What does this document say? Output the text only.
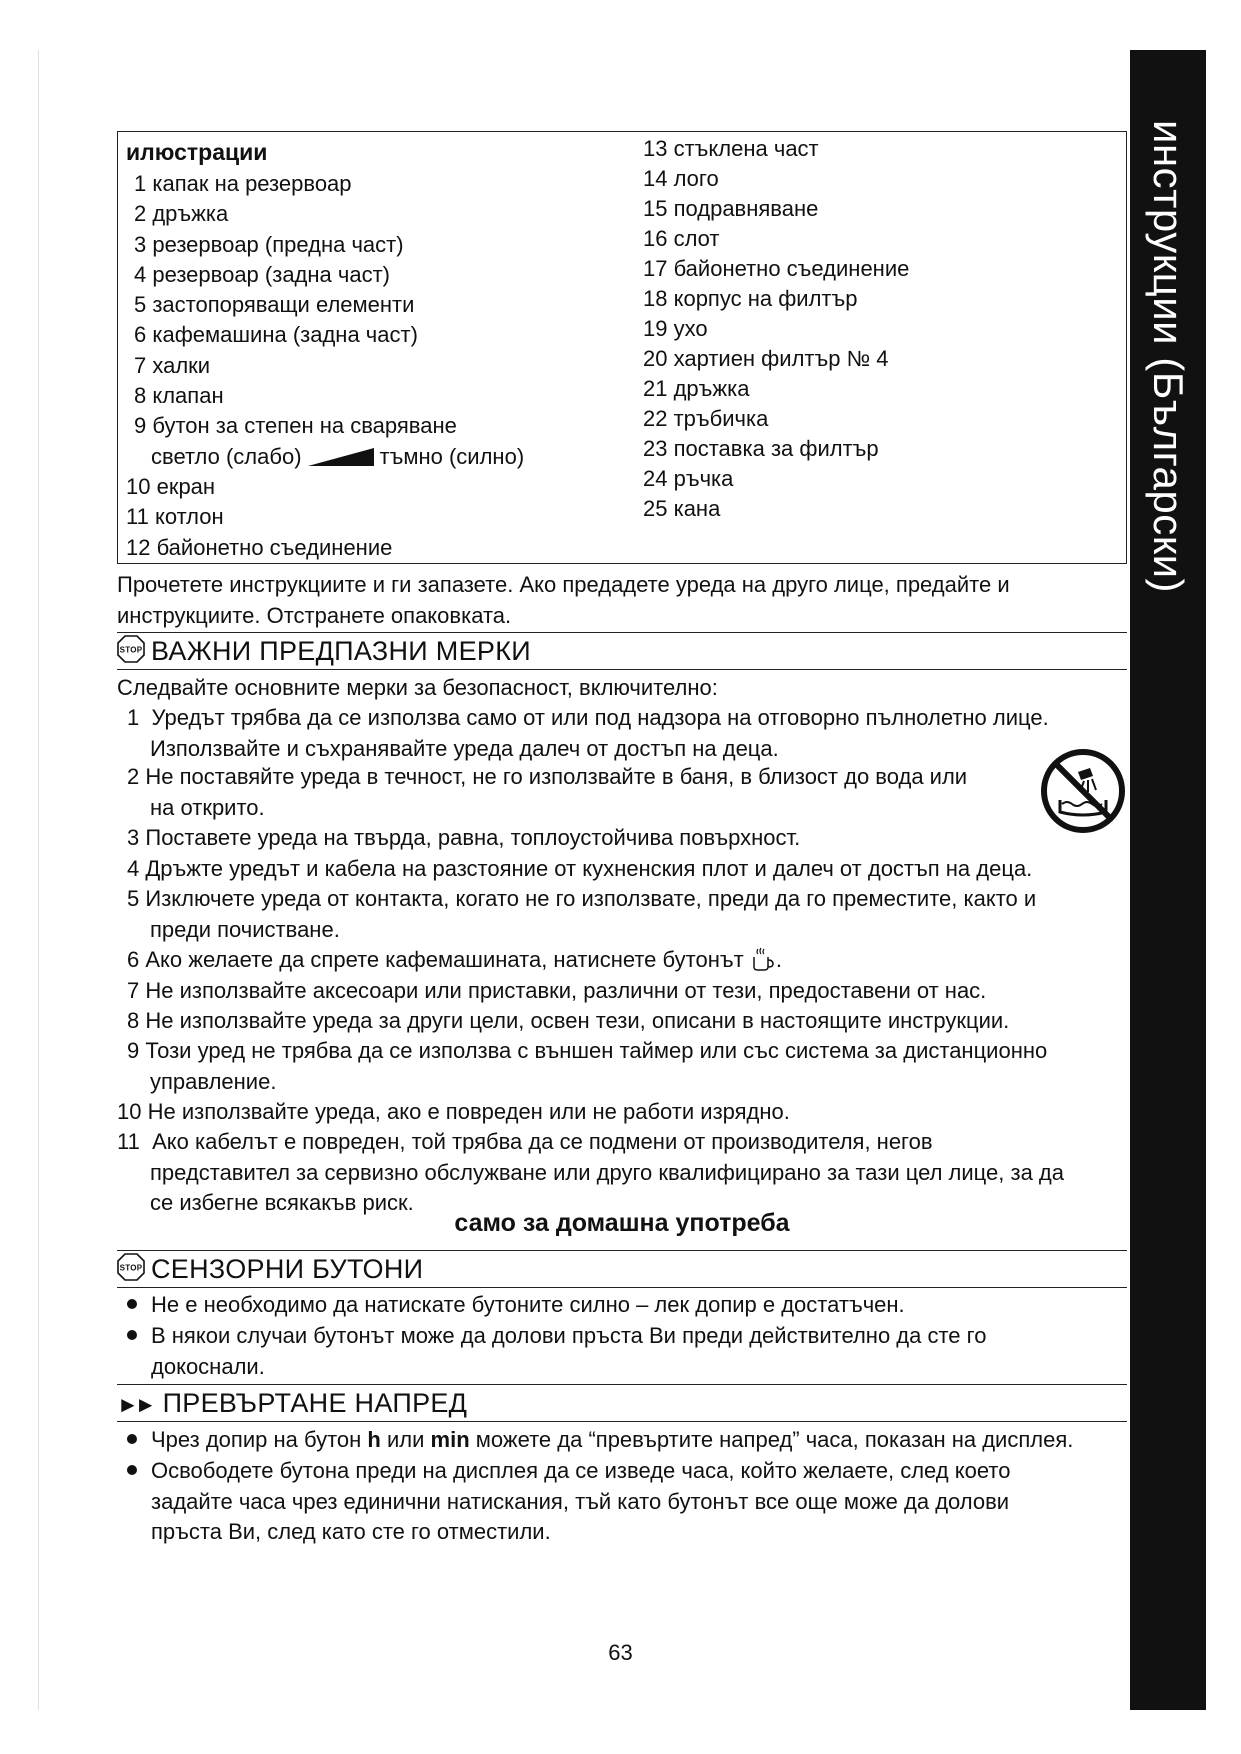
инструкции (Български)
илюстрации
1 капак на резервоар
2 дръжка
3 резервоар (предна част)
4 резервоар (задна част)
5 застопоряващи елементи
6 кафемашина (задна част)
7 халки
8 клапан
9 бутон за степен на сваряване
светло (слабо)	тъмно (силно)
10 екран
11 котлон
12 байонетно съединение
13 стъклена част
14 лого
15 подравняване
16 слот
17 байонетно съединение
18 корпус на филтър
19 ухо
20 хартиен филтър № 4
21 дръжка
22 тръбичка
23 поставка за филтър
24 ръчка
25 кана
Прочетете инструкциите и ги запазете. Ако предадете уреда на друго лице, предайте и инструкциите. Отстранете опаковката.
STOP ВАЖНИ ПРЕДПАЗНИ МЕРКИ
Следвайте основните мерки за безопасност, включително:
1 Уредът трябва да се използва само от или под надзора на отговорно пълнолетно лице.
Използвайте и съхранявайте уреда далеч от достъп на деца.
2 Не поставяйте уреда в течност, не го използвайте в баня, в близост до вода или
на открито.
3 Поставете уреда на твърда, равна, топлоустойчива повърхност.
4 Дръжте уредът и кабела на разстояние от кухненския плот и далеч от достъп на деца.
5 Изключете уреда от контакта, когато не го използвате, преди да го преместите, както и
преди почистване.
6 Ако желаете да спрете кафемашината, натиснете бутонът .
7 Не използвайте аксесоари или приставки, различни от тези, предоставени от нас.
8 Не използвайте уреда за други цели, освен тези, описани в настоящите инструкции.
9 Този уред не трябва да се използва с външен таймер или със система за дистанционно
управление.
10 Не използвайте уреда, ако е повреден или не работи изрядно.
11 Ако кабелът е повреден, той трябва да се подмени от производителя, негов
представител за сервизно обслужване или друго квалифицирано за тази цел лице, за да
се избегне всякакъв риск.
само за домашна употреба
STOP СЕНЗОРНИ БУТОНИ
Не е необходимо да натискате бутоните силно – лек допир е достатъчен.
В някои случаи бутонът може да долови пръста Ви преди действително да сте го
докоснали.
►► ПРЕВЪРТАНЕ НАПРЕД
Чрез допир на бутон h или min можете да “превъртите напред” часа, показан на дисплея.
Освободете бутона преди на дисплея да се изведе часа, който желаете, след което
задайте часа чрез единични натискания, тъй като бутонът все още може да долови
пръста Ви, след като сте го отместили.
63
